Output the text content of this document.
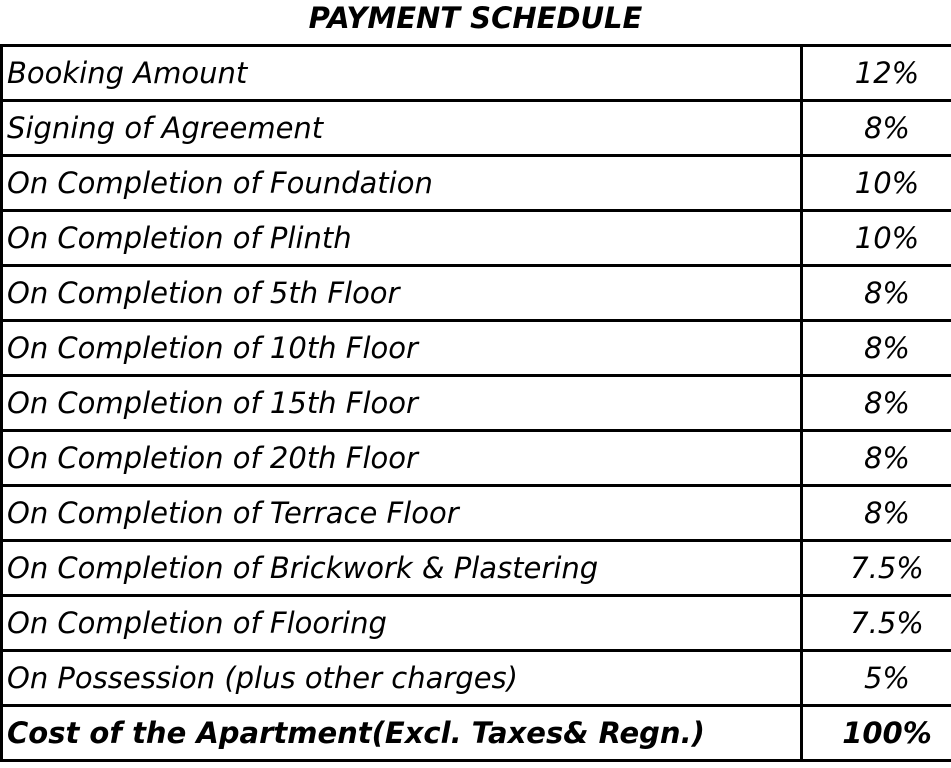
PAYMENT SCHEDULE
Booking Amount	12%
Signing of Agreement	8%
On Completion of Foundation	10%
On Completion of Plinth	10%
On Completion of 5th Floor	8%
On Completion of 10th Floor	8%
On Completion of 15th Floor	8%
On Completion of 20th Floor	8%
On Completion of Terrace Floor	8%
On Completion of Brickwork & Plastering	7.5%
On Completion of Flooring	7.5%
On Possession (plus other charges)	5%
Cost of the Apartment(Excl. Taxes& Regn.)	100%
